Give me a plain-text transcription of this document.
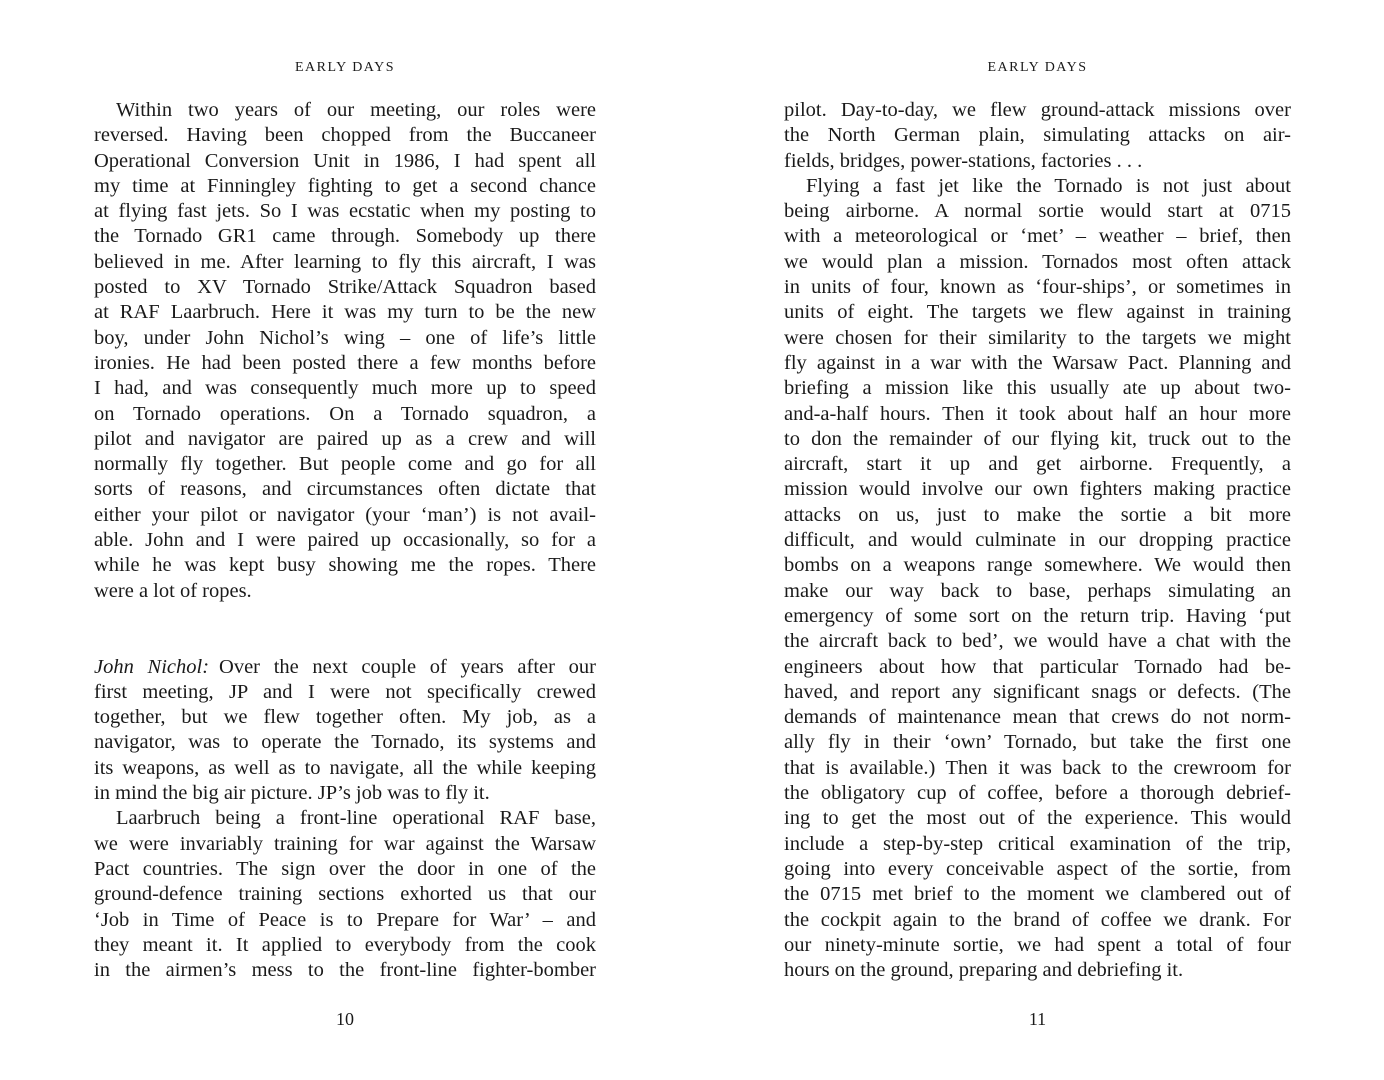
EARLY DAYS
Within two years of our meeting, our roles were
reversed. Having been chopped from the Buccaneer
Operational Conversion Unit in 1986, I had spent all
my time at Finningley fighting to get a second chance
at flying fast jets. So I was ecstatic when my posting to
the Tornado GR1 came through. Somebody up there
believed in me. After learning to fly this aircraft, I was
posted to XV Tornado Strike/Attack Squadron based
at RAF Laarbruch. Here it was my turn to be the new
boy, under John Nichol’s wing – one of life’s little
ironies. He had been posted there a few months before
I had, and was consequently much more up to speed
on Tornado operations. On a Tornado squadron, a
pilot and navigator are paired up as a crew and will
normally fly together. But people come and go for all
sorts of reasons, and circumstances often dictate that
either your pilot or navigator (your ‘man’) is not avail-
able. John and I were paired up occasionally, so for a
while he was kept busy showing me the ropes. There
were a lot of ropes.
John Nichol: Over the next couple of years after our
first meeting, JP and I were not specifically crewed
together, but we flew together often. My job, as a
navigator, was to operate the Tornado, its systems and
its weapons, as well as to navigate, all the while keeping
in mind the big air picture. JP’s job was to fly it.
Laarbruch being a front-line operational RAF base,
we were invariably training for war against the Warsaw
Pact countries. The sign over the door in one of the
ground-defence training sections exhorted us that our
‘Job in Time of Peace is to Prepare for War’ – and
they meant it. It applied to everybody from the cook
in the airmen’s mess to the front-line fighter-bomber
10
EARLY DAYS
pilot. Day-to-day, we flew ground-attack missions over
the North German plain, simulating attacks on air-
fields, bridges, power-stations, factories . . .
Flying a fast jet like the Tornado is not just about
being airborne. A normal sortie would start at 0715
with a meteorological or ‘met’ – weather – brief, then
we would plan a mission. Tornados most often attack
in units of four, known as ‘four-ships’, or sometimes in
units of eight. The targets we flew against in training
were chosen for their similarity to the targets we might
fly against in a war with the Warsaw Pact. Planning and
briefing a mission like this usually ate up about two-
and-a-half hours. Then it took about half an hour more
to don the remainder of our flying kit, truck out to the
aircraft, start it up and get airborne. Frequently, a
mission would involve our own fighters making practice
attacks on us, just to make the sortie a bit more
difficult, and would culminate in our dropping practice
bombs on a weapons range somewhere. We would then
make our way back to base, perhaps simulating an
emergency of some sort on the return trip. Having ‘put
the aircraft back to bed’, we would have a chat with the
engineers about how that particular Tornado had be-
haved, and report any significant snags or defects. (The
demands of maintenance mean that crews do not norm-
ally fly in their ‘own’ Tornado, but take the first one
that is available.) Then it was back to the crewroom for
the obligatory cup of coffee, before a thorough debrief-
ing to get the most out of the experience. This would
include a step-by-step critical examination of the trip,
going into every conceivable aspect of the sortie, from
the 0715 met brief to the moment we clambered out of
the cockpit again to the brand of coffee we drank. For
our ninety-minute sortie, we had spent a total of four
hours on the ground, preparing and debriefing it.
11
